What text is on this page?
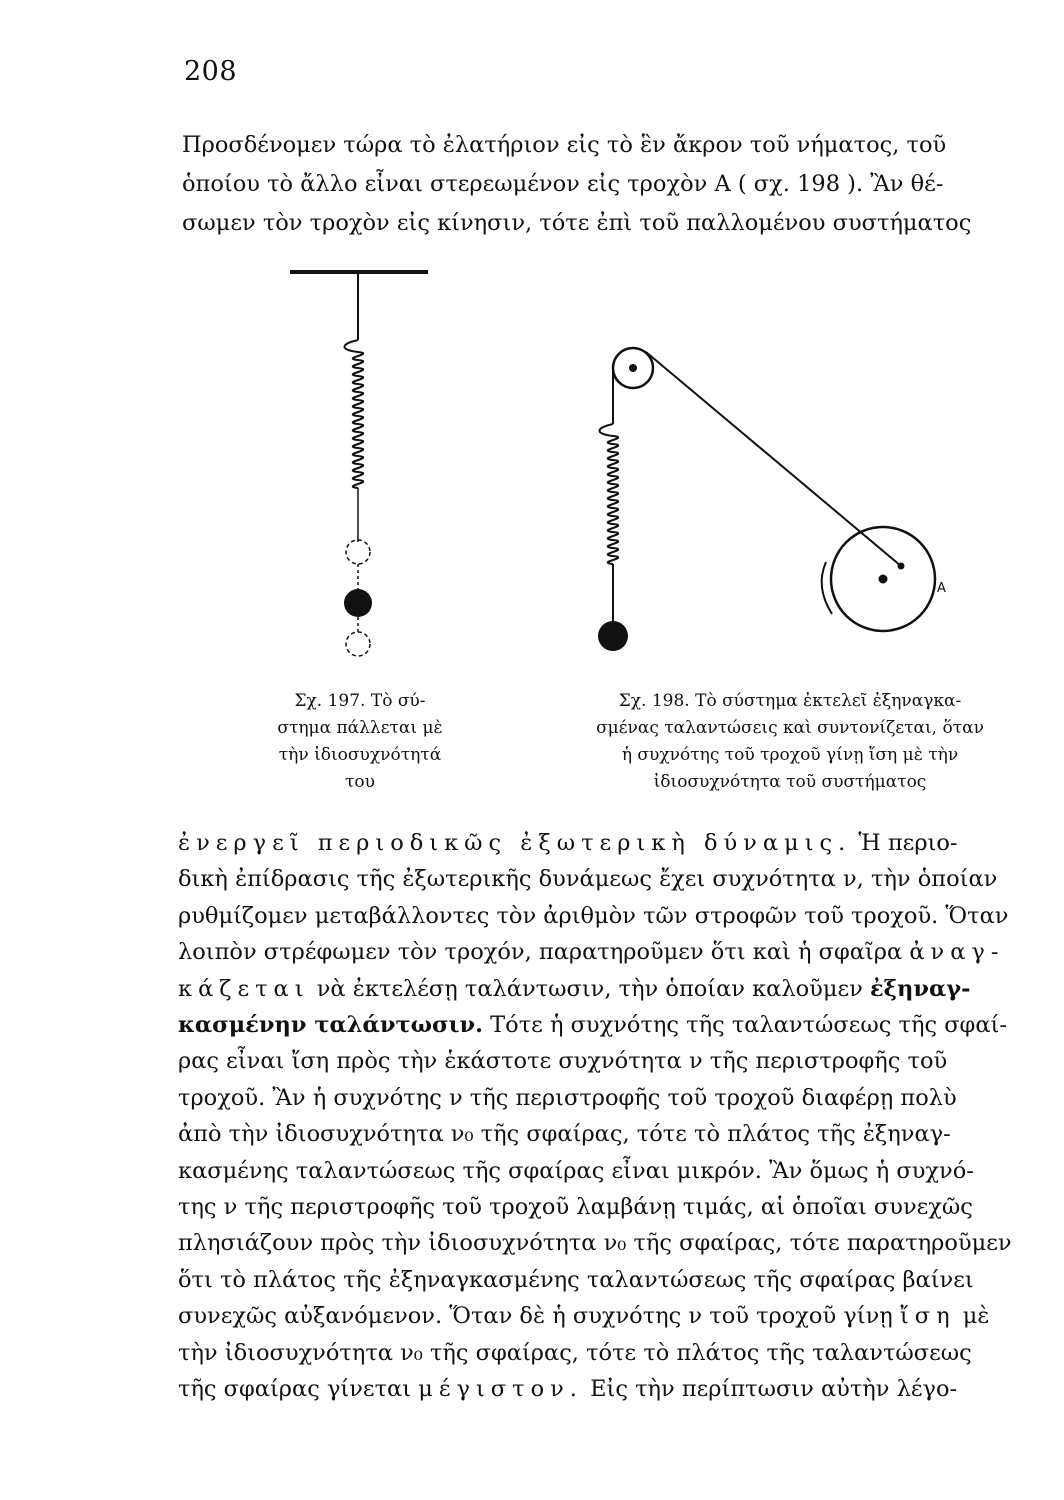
208

Προσδένομεν τώρα τὸ ἐλατήριον εἰς τὸ ἓν ἄκρον τοῦ νήματος, τοῦ

ὁποίου τὸ ἄλλο εἶναι στερεωμένον εἰς τροχὸν Α ( σχ. 198 ). Ἂν θέ-

σωμεν τὸν τροχὸν εἰς κίνησιν, τότε ἐπὶ τοῦ παλλομένου συστήματος

A
Σχ. 197. Τὸ σύ-
στημα πάλλεται μὲ
τὴν ἰδιοσυχνότητά
του
Σχ. 198. Τὸ σύστημα ἐκτελεῖ ἐξηναγκα-
σμένας ταλαντώσεις καὶ συντονίζεται, ὅταν
ἡ συχνότης τοῦ τροχοῦ γίνῃ ἴση μὲ τὴν
ἰδιοσυχνότητα τοῦ συστήματος

ἐνεργεῖ περιοδικῶς ἐξωτερικὴ δύναμις. Ἡ περιο-

δικὴ ἐπίδρασις τῆς ἐξωτερικῆς δυνάμεως ἔχει συχνότητα ν, τὴν ὁποίαν

ρυθμίζομεν μεταβάλλοντες τὸν ἀριθμὸν τῶν στροφῶν τοῦ τροχοῦ. Ὅταν

λοιπὸν στρέφωμεν τὸν τροχόν, παρατηροῦμεν ὅτι καὶ ἡ σφαῖρα ἀναγ-

κάζεται νὰ ἐκτελέσῃ ταλάντωσιν, τὴν ὁποίαν καλοῦμεν ἐξηναγ-

κασμένην ταλάντωσιν. Τότε ἡ συχνότης τῆς ταλαντώσεως τῆς σφαί-

ρας εἶναι ἴση πρὸς τὴν ἑκάστοτε συχνότητα ν τῆς περιστροφῆς τοῦ

τροχοῦ. Ἂν ἡ συχνότης ν τῆς περιστροφῆς τοῦ τροχοῦ διαφέρῃ πολὺ

ἀπὸ τὴν ἰδιοσυχνότητα ν₀ τῆς σφαίρας, τότε τὸ πλάτος τῆς ἐξηναγ-

κασμένης ταλαντώσεως τῆς σφαίρας εἶναι μικρόν. Ἂν ὅμως ἡ συχνό-

της ν τῆς περιστροφῆς τοῦ τροχοῦ λαμβάνῃ τιμάς, αἱ ὁποῖαι συνεχῶς

πλησιάζουν πρὸς τὴν ἰδιοσυχνότητα ν₀ τῆς σφαίρας, τότε παρατηροῦμεν

ὅτι τὸ πλάτος τῆς ἐξηναγκασμένης ταλαντώσεως τῆς σφαίρας βαίνει

συνεχῶς αὐξανόμενον. Ὅταν δὲ ἡ συχνότης ν τοῦ τροχοῦ γίνῃ ἴση μὲ

τὴν ἰδιοσυχνότητα ν₀ τῆς σφαίρας, τότε τὸ πλάτος τῆς ταλαντώσεως

τῆς σφαίρας γίνεται μέγιστον. Εἰς τὴν περίπτωσιν αὐτὴν λέγο-
